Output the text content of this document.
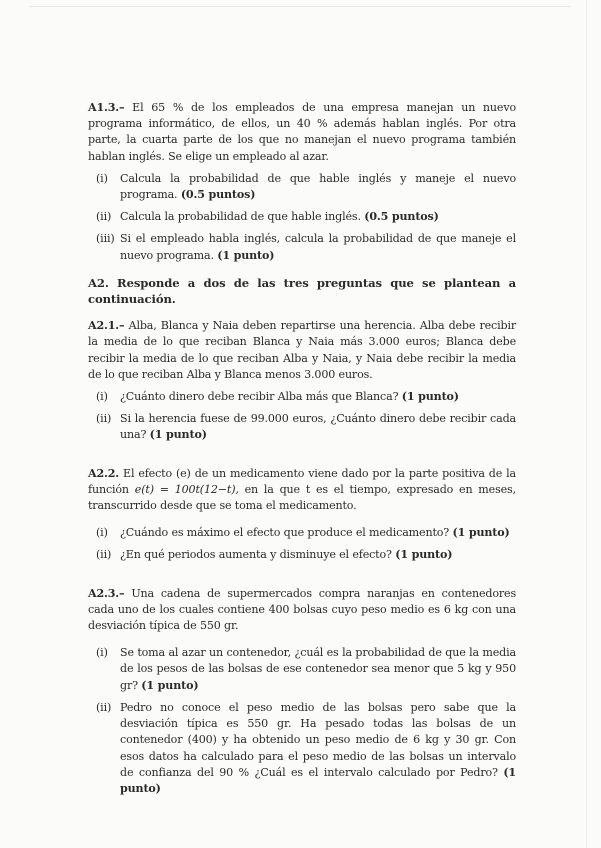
A1.3.– El 65 % de los empleados de una empresa manejan un nuevo programa informático, de ellos, un 40 % además hablan inglés. Por otra parte, la cuarta parte de los que no manejan el nuevo programa también hablan inglés. Se elige un empleado al azar.

(i)	Calcula la probabilidad de que hable inglés y maneje el nuevo programa. (0.5 puntos)
(ii) Calcula la probabilidad de que hable inglés. (0.5 puntos)
(iii) Si el empleado habla inglés, calcula la probabilidad de que maneje el nuevo programa. (1 punto)

A2. Responde a dos de las tres preguntas que se plantean a continuación.

A2.1.– Alba, Blanca y Naia deben repartirse una herencia. Alba debe recibir la media de lo que reciban Blanca y Naia más 3.000 euros; Blanca debe recibir la media de lo que reciban Alba y Naia, y Naia debe recibir la media de lo que reciban Alba y Blanca menos 3.000 euros.

(i)	¿Cuánto dinero debe recibir Alba más que Blanca? (1 punto)
(ii) Si la herencia fuese de 99.000 euros, ¿Cuánto dinero debe recibir cada una? (1 punto)

A2.2. El efecto (e) de un medicamento viene dado por la parte positiva de la función e(t) = 100t(12−t), en la que t es el tiempo, expresado en meses, transcurrido desde que se toma el medicamento.

(i)	¿Cuándo es máximo el efecto que produce el medicamento? (1 punto)
(ii) ¿En qué periodos aumenta y disminuye el efecto? (1 punto)

A2.3.– Una cadena de supermercados compra naranjas en contenedores cada uno de los cuales contiene 400 bolsas cuyo peso medio es 6 kg con una desviación típica de 550 gr.

(i)	Se toma al azar un contenedor, ¿cuál es la probabilidad de que la media de los pesos de las bolsas de ese contenedor sea menor que 5 kg y 950 gr? (1 punto)
(ii) Pedro no conoce el peso medio de las bolsas pero sabe que la desviación típica es 550 gr. Ha pesado todas las bolsas de un contenedor (400) y ha obtenido un peso medio de 6 kg y 30 gr. Con esos datos ha calculado para el peso medio de las bolsas un intervalo de confianza del 90 % ¿Cuál es el intervalo calculado por Pedro? (1 punto)
